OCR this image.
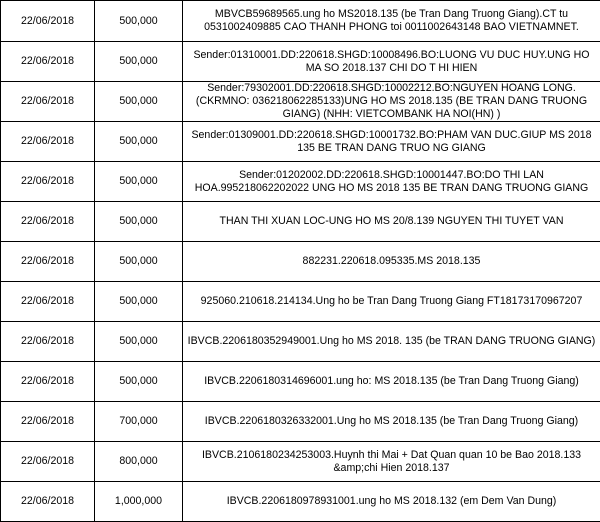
22/06/2018	500,000	MBVCB59689565.ung ho MS2018.135 (be Tran Dang Truong Giang).CT tu 0531002409885 CAO THANH PHONG toi 0011002643148 BAO VIETNAMNET.
22/06/2018	500,000	Sender:01310001.DD:220618.SHGD:10008496.BO:LUONG VU DUC HUY.UNG HO MA SO 2018.137 CHI DO T HI HIEN
22/06/2018	500,000	Sender:79302001.DD:220618.SHGD:10002212.BO:NGUYEN HOANG LONG.(CKRMNO: 036218062285133)UNG HO MS 2018.135 (BE TRAN DANG TRUONG GIANG) (NHH: VIETCOMBANK HA NOI(HN) )
22/06/2018	500,000	Sender:01309001.DD:220618.SHGD:10001732.BO:PHAM VAN DUC.GIUP MS 2018 135 BE TRAN DANG TRUO NG GIANG
22/06/2018	500,000	Sender:01202002.DD:220618.SHGD:10001447.BO:DO THI LAN HOA.995218062202022 UNG HO MS 2018 135 BE TRAN DANG TRUONG GIANG
22/06/2018	500,000	THAN THI XUAN LOC-UNG HO MS 20/8.139 NGUYEN THI TUYET VAN
22/06/2018	500,000	882231.220618.095335.MS 2018.135
22/06/2018	500,000	925060.210618.214134.Ung ho be Tran Dang Truong Giang FT18173170967207
22/06/2018	500,000	IBVCB.2206180352949001.Ung ho MS 2018. 135 (be TRAN DANG TRUONG GIANG)
22/06/2018	500,000	IBVCB.2206180314696001.ung ho: MS 2018.135 (be Tran Dang Truong Giang)
22/06/2018	700,000	IBVCB.2206180326332001.Ung ho MS 2018.135 (be Tran Dang Truong Giang)
22/06/2018	800,000	IBVCB.2106180234253003.Huynh thi Mai + Dat Quan quan 10 be Bao 2018.133 &amp;chi Hien 2018.137
22/06/2018	1,000,000	IBVCB.2206180978931001.ung ho MS 2018.132 (em Dem Van Dung)
